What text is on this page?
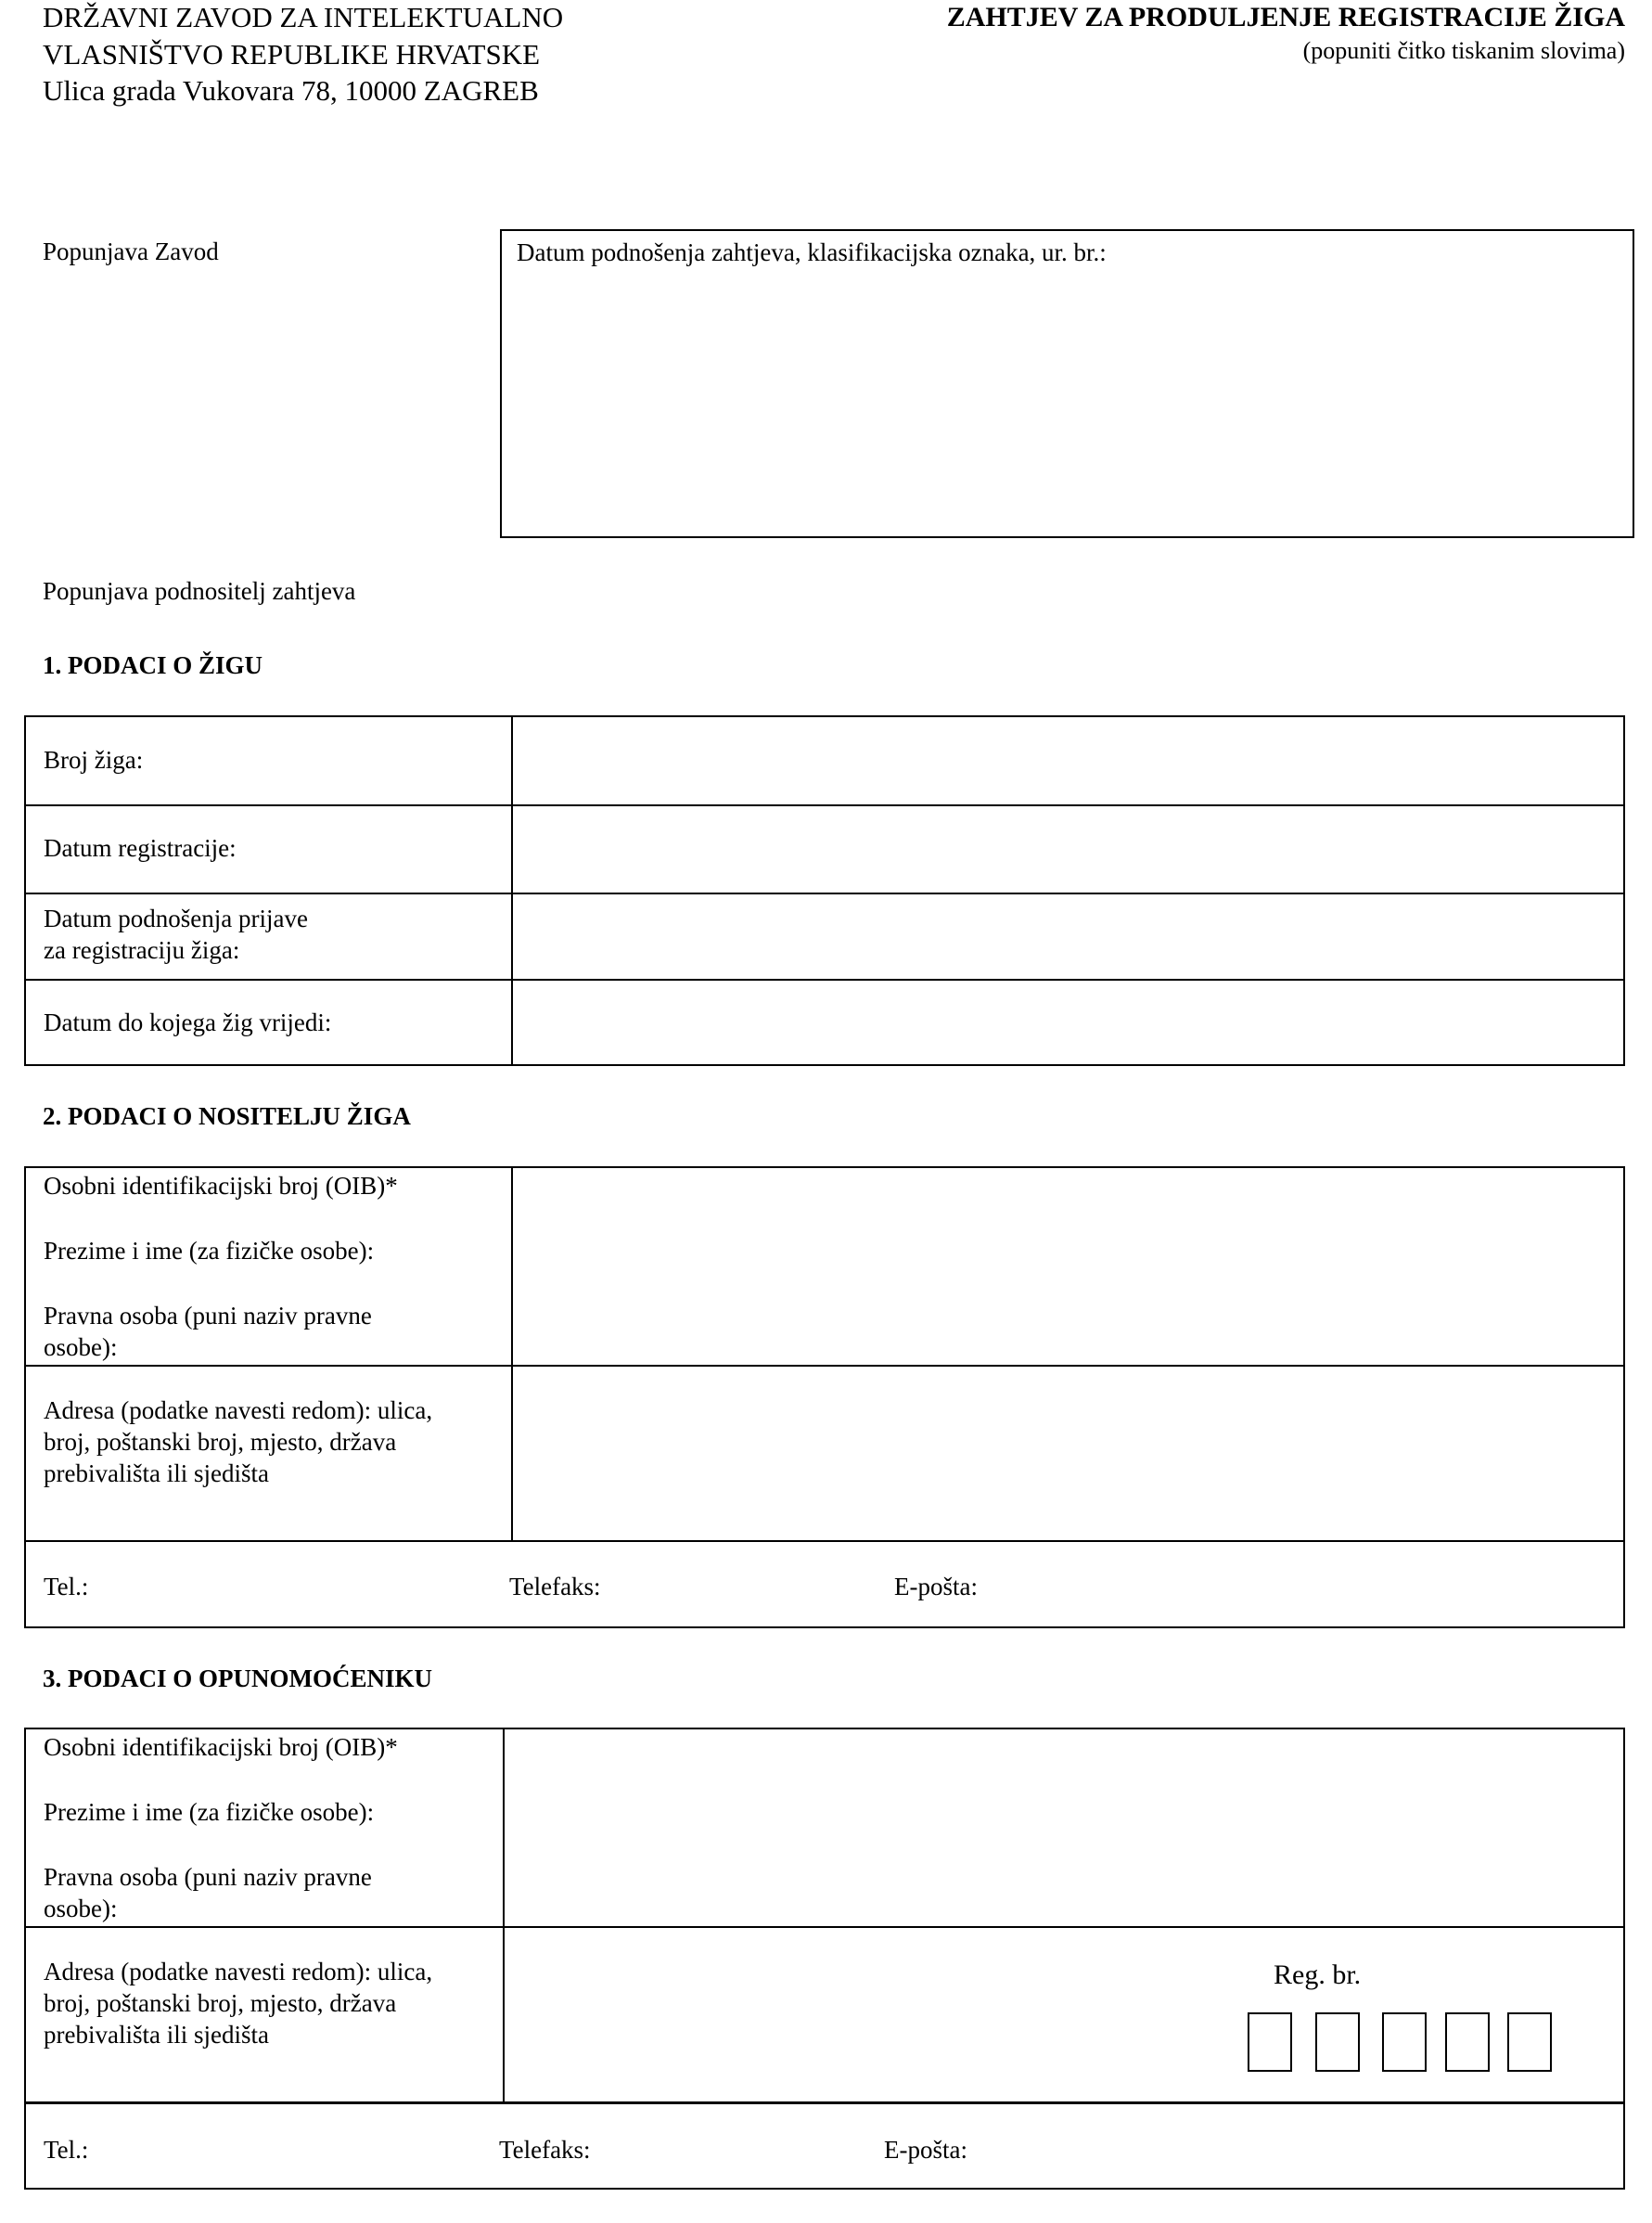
DRŽAVNI ZAVOD ZA INTELEKTUALNO
VLASNIŠTVO REPUBLIKE HRVATSKE
Ulica grada Vukovara 78, 10000 ZAGREB
ZAHTJEV ZA PRODULJENJE REGISTRACIJE ŽIGA
(popuniti čitko tiskanim slovima)
Popunjava Zavod	Datum podnošenja zahtjeva, klasifikacijska oznaka, ur. br.:
Popunjava podnositelj zahtjeva
1. PODACI O ŽIGU
Broj žiga:
Datum registracije:
Datum podnošenja prijave
za registraciju žiga:
Datum do kojega žig vrijedi:
2. PODACI O NOSITELJU ŽIGA
Osobni identifikacijski broj (OIB)*
Prezime i ime (za fizičke osobe):
Pravna osoba (puni naziv pravne
osobe):
Adresa (podatke navesti redom): ulica,
broj, poštanski broj, mjesto, država
prebivališta ili sjedišta
Tel.:	Telefaks:	E-pošta:
3. PODACI O OPUNOMOĆENIKU
Osobni identifikacijski broj (OIB)*
Prezime i ime (za fizičke osobe):
Pravna osoba (puni naziv pravne
osobe):
Adresa (podatke navesti redom): ulica,
broj, poštanski broj, mjesto, država
prebivališta ili sjedišta
Reg. br.
Tel.:	Telefaks:	E-pošta:
